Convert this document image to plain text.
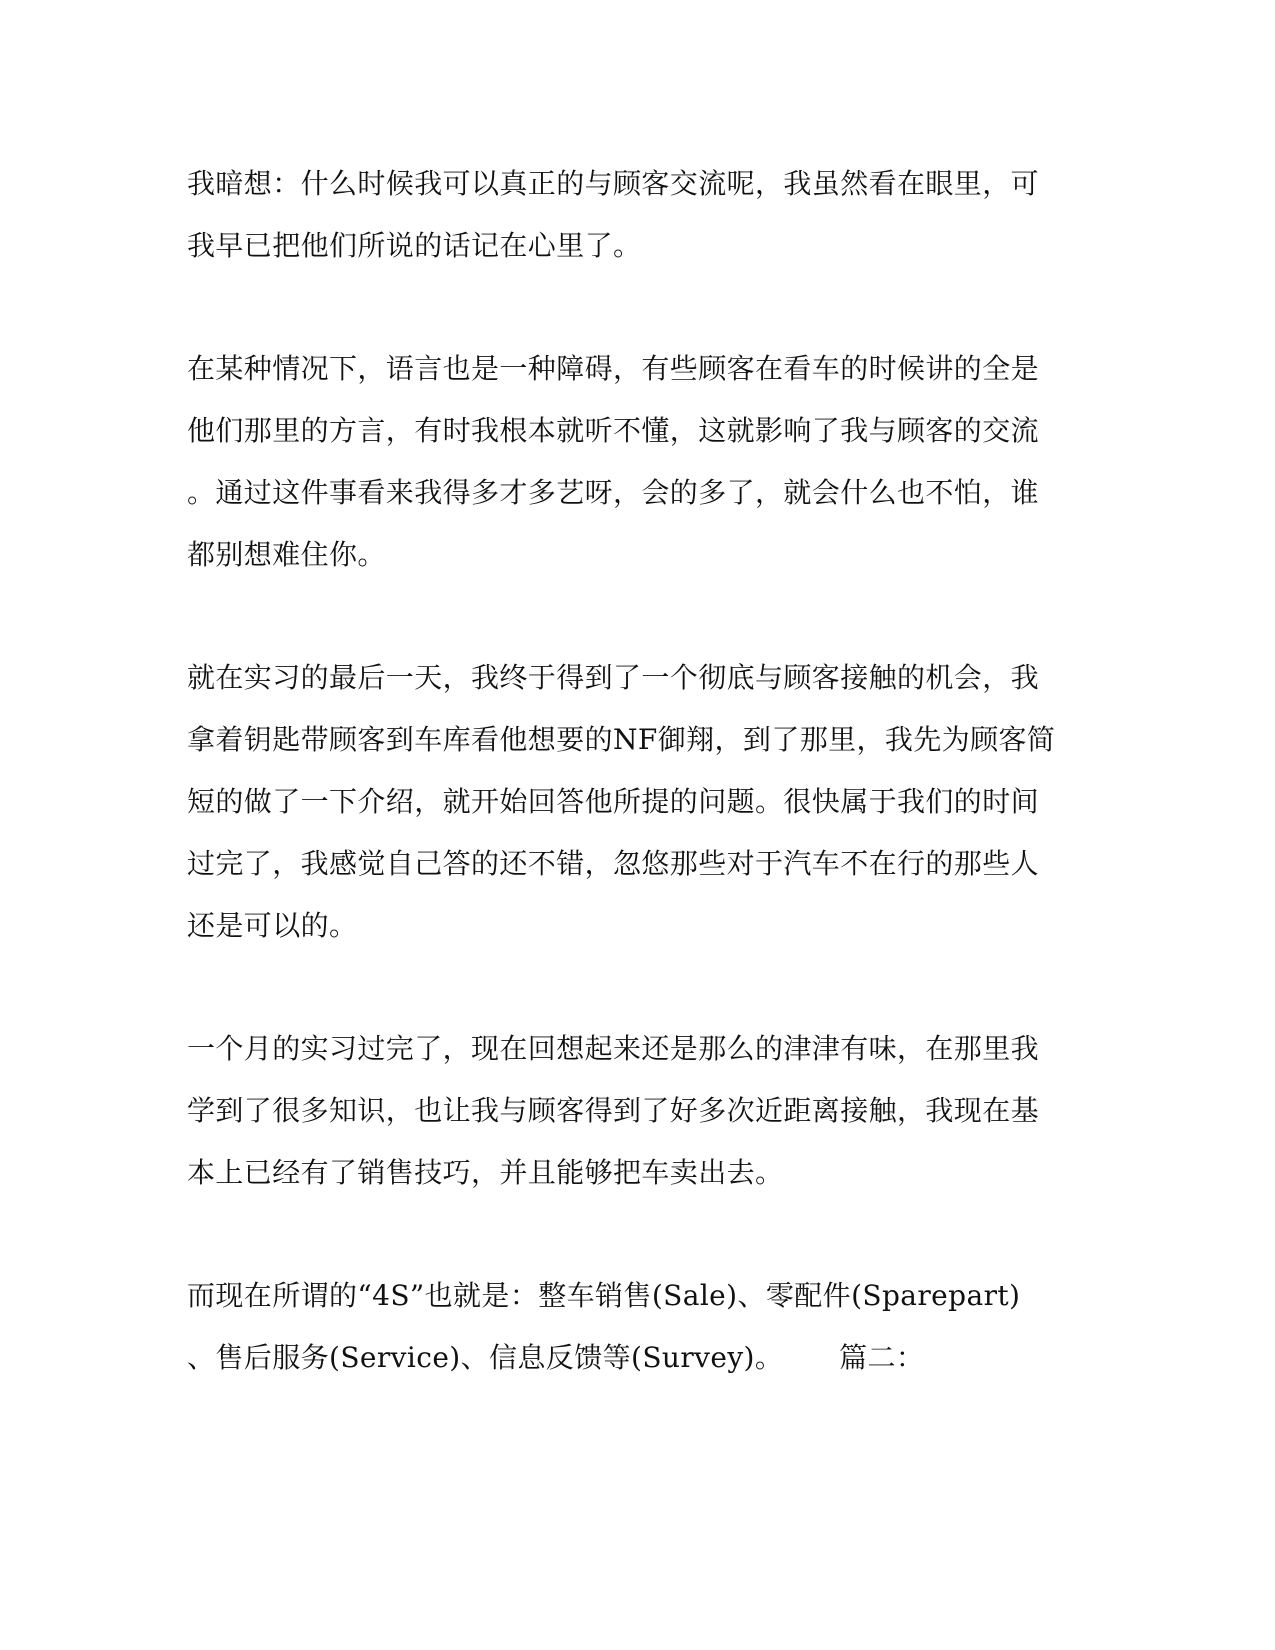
我暗想：什么时候我可以真正的与顾客交流呢，我虽然看在眼里，可
我早已把他们所说的话记在心里了。
在某种情况下，语言也是一种障碍，有些顾客在看车的时候讲的全是
他们那里的方言，有时我根本就听不懂，这就影响了我与顾客的交流
。通过这件事看来我得多才多艺呀，会的多了，就会什么也不怕，谁
都别想难住你。
就在实习的最后一天，我终于得到了一个彻底与顾客接触的机会，我
拿着钥匙带顾客到车库看他想要的NF御翔，到了那里，我先为顾客简
短的做了一下介绍，就开始回答他所提的问题。很快属于我们的时间
过完了，我感觉自己答的还不错，忽悠那些对于汽车不在行的那些人
还是可以的。
一个月的实习过完了，现在回想起来还是那么的津津有味，在那里我
学到了很多知识，也让我与顾客得到了好多次近距离接触，我现在基
本上已经有了销售技巧，并且能够把车卖出去。
而现在所谓的“4S”也就是：整车销售(Sale)、零配件(Sparepart)
、售后服务(Service)、信息反馈等(Survey)。      篇二：
